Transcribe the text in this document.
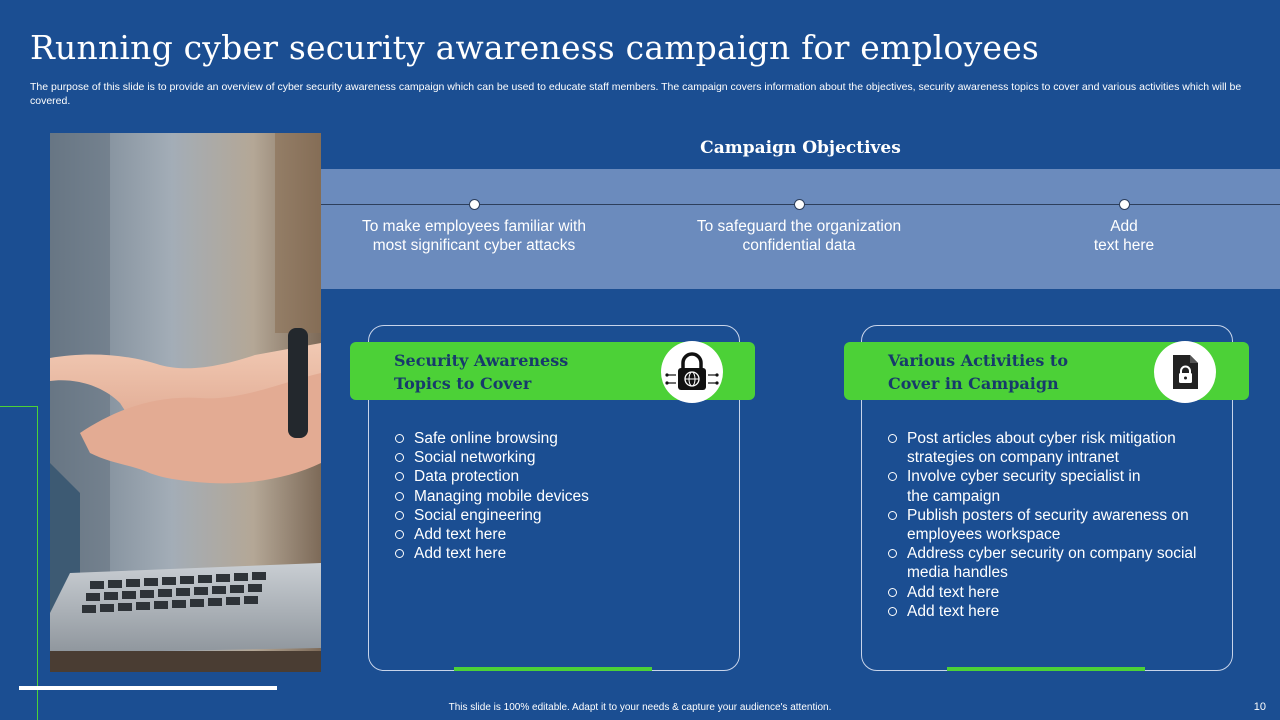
Running cyber security awareness campaign for employees
The purpose of this slide is to provide an overview of cyber security awareness campaign which can be used to educate staff members. The campaign covers information about the objectives, security awareness topics to cover and various activities which will be covered.
Campaign Objectives
To make employees familiar with
most significant cyber attacks
To safeguard the organization
confidential data
Add
text here
Security Awareness
Topics to Cover
Safe online browsing
Social networking
Data protection
Managing mobile devices
Social engineering
Add text here
Add text here
Various Activities to
Cover in Campaign
Post articles about cyber risk mitigation
strategies on company intranet
Involve cyber security specialist in
the campaign
Publish posters of security awareness on
employees workspace
Address cyber security on company social
media handles
Add text here
Add text here
This slide is 100% editable. Adapt it to your needs & capture your audience's attention.	10
